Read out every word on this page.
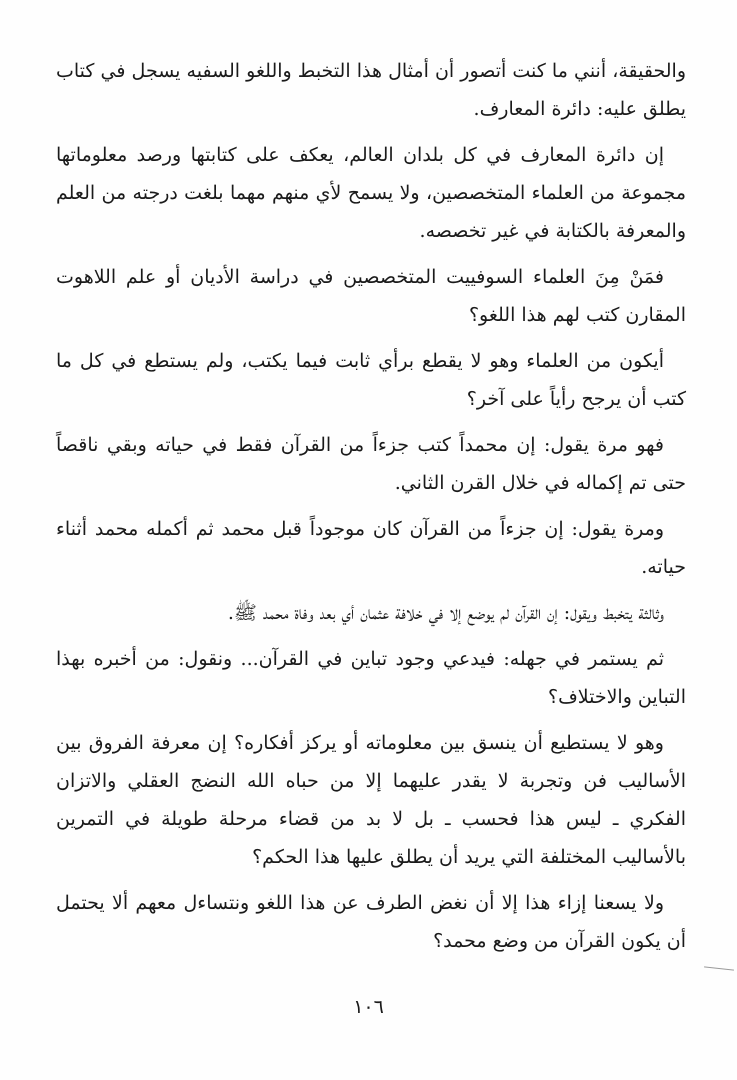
والحقيقة، أنني ما كنت أتصور أن أمثال هذا التخبط واللغو السفيه يسجل في كتاب يطلق عليه: دائرة المعارف.

إن دائرة المعارف في كل بلدان العالم، يعكف على كتابتها ورصد معلوماتها مجموعة من العلماء المتخصصين، ولا يسمح لأي منهم مهما بلغت درجته من العلم والمعرفة بالكتابة في غير تخصصه.

فمَنْ مِنَ العلماء السوفييت المتخصصين في دراسة الأديان أو علم اللاهوت المقارن كتب لهم هذا اللغو؟

أيكون من العلماء وهو لا يقطع برأي ثابت فيما يكتب، ولم يستطع في كل ما كتب أن يرجح رأياً على آخر؟

فهو مرة يقول: إن محمداً كتب جزءاً من القرآن فقط في حياته وبقي ناقصاً حتى تم إكماله في خلال القرن الثاني.

ومرة يقول: إن جزءاً من القرآن كان موجوداً قبل محمد ثم أكمله محمد أثناء حياته.

وثالثة يتخبط ويقول: إن القرآن لم يوضع إلا في خلافة عثمان أي بعد وفاة محمد ﷺ.

ثم يستمر في جهله: فيدعي وجود تباين في القرآن... ونقول: من أخبره بهذا التباين والاختلاف؟

وهو لا يستطيع أن ينسق بين معلوماته أو يركز أفكاره؟ إن معرفة الفروق بين الأساليب فن وتجربة لا يقدر عليهما إلا من حباه الله النضج العقلي والاتزان الفكري ـ ليس هذا فحسب ـ بل لا بد من قضاء مرحلة طويلة في التمرين بالأساليب المختلفة التي يريد أن يطلق عليها هذا الحكم؟

ولا يسعنا إزاء هذا إلا أن نغض الطرف عن هذا اللغو ونتساءل معهم ألا يحتمل أن يكون القرآن من وضع محمد؟

١٠٦
